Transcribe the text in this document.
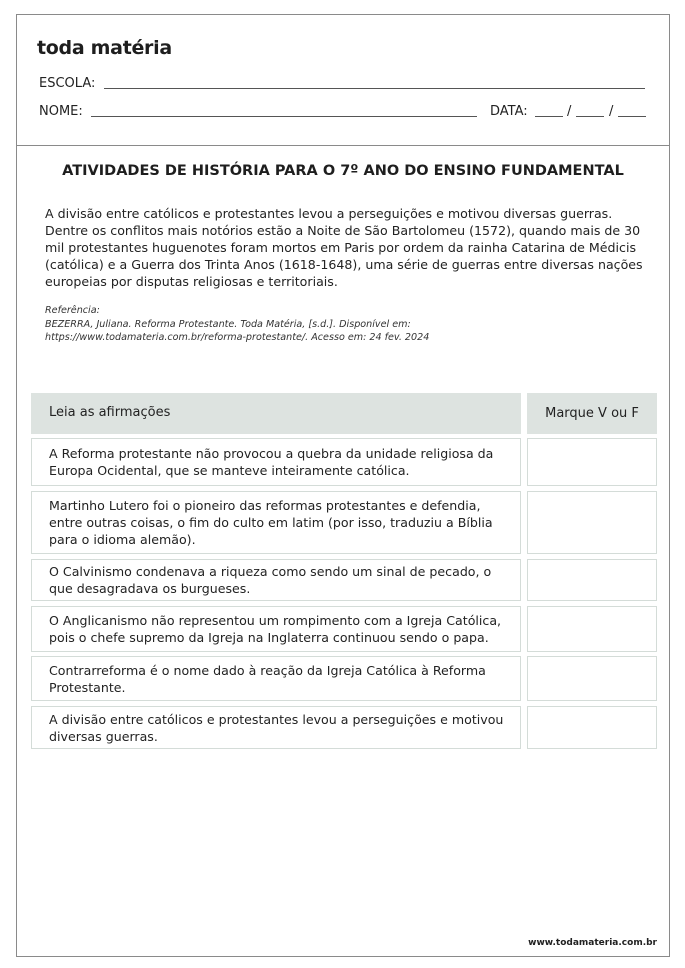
toda matéria
ESCOLA:
NOME:	DATA:	/	/
ATIVIDADES DE HISTÓRIA PARA O 7º ANO DO ENSINO FUNDAMENTAL

A divisão entre católicos e protestantes levou a perseguições e motivou diversas guerras. Dentre os conflitos mais notórios estão a Noite de São Bartolomeu (1572), quando mais de 30 mil protestantes huguenotes foram mortos em Paris por ordem da rainha Catarina de Médicis (católica) e a Guerra dos Trinta Anos (1618-1648), uma série de guerras entre diversas nações europeias por disputas religiosas e territoriais.

Referência:
BEZERRA, Juliana. Reforma Protestante. Toda Matéria, [s.d.]. Disponível em:
https://www.todamateria.com.br/reforma-protestante/. Acesso em: 24 fev. 2024
Leia as afirmações	Marque V ou F
A Reforma protestante não provocou a quebra da unidade religiosa da Europa Ocidental, que se manteve inteiramente católica.
Martinho Lutero foi o pioneiro das reformas protestantes e defendia, entre outras coisas, o fim do culto em latim (por isso, traduziu a Bíblia para o idioma alemão).
O Calvinismo condenava a riqueza como sendo um sinal de pecado, o que desagradava os burgueses.
O Anglicanismo não representou um rompimento com a Igreja Católica, pois o chefe supremo da Igreja na Inglaterra continuou sendo o papa.
Contrarreforma é o nome dado à reação da Igreja Católica à Reforma Protestante.
A divisão entre católicos e protestantes levou a perseguições e motivou diversas guerras.
www.todamateria.com.br
